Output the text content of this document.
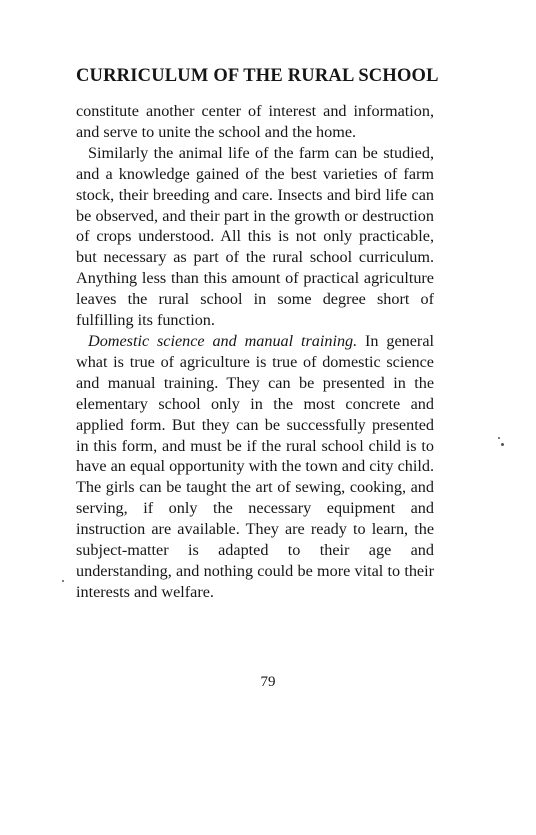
CURRICULUM OF THE RURAL SCHOOL

constitute another center of interest and information, and serve to unite the school and the home.

Similarly the animal life of the farm can be studied, and a knowledge gained of the best varieties of farm stock, their breeding and care. Insects and bird life can be observed, and their part in the growth or destruction of crops understood. All this is not only practicable, but necessary as part of the rural school curriculum. Anything less than this amount of practical agriculture leaves the rural school in some degree short of fulfilling its function.

Domestic science and manual training. In general what is true of agriculture is true of domestic science and manual training. They can be presented in the elementary school only in the most concrete and applied form. But they can be successfully presented in this form, and must be if the rural school child is to have an equal opportunity with the town and city child. The girls can be taught the art of sewing, cooking, and serving, if only the necessary equipment and instruction are available. They are ready to learn, the subject-matter is adapted to their age and understanding, and nothing could be more vital to their interests and welfare.

79
